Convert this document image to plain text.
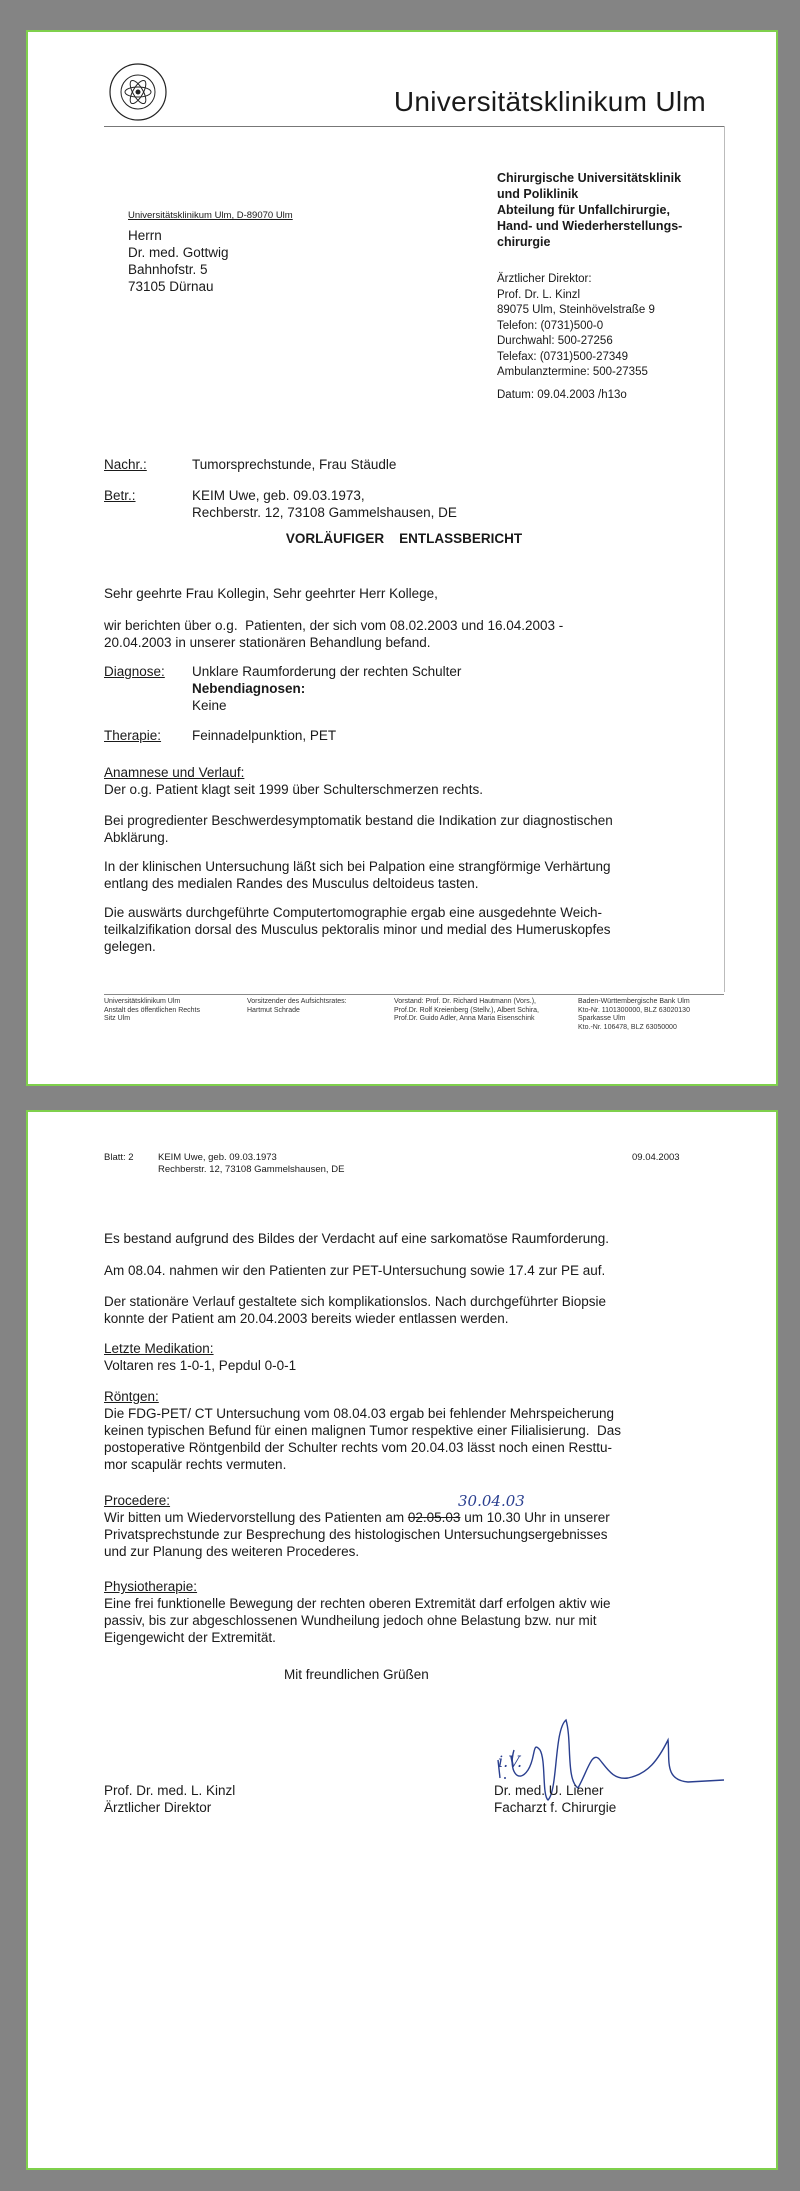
Universitätsklinikum Ulm
Universitätsklinikum Ulm, D-89070 Ulm
Herrn
Dr. med. Gottwig
Bahnhofstr. 5
73105 Dürnau
Chirurgische Universitätsklinik
und Poliklinik
Abteilung für Unfallchirurgie,
Hand- und Wiederherstellungs-
chirurgie
Ärztlicher Direktor:
Prof. Dr. L. Kinzl
89075 Ulm, Steinhövelstraße 9
Telefon: (0731)500-0
Durchwahl: 500-27256
Telefax: (0731)500-27349
Ambulanztermine: 500-27355
Datum: 09.04.2003 /h13o
Nachr.:	Tumorsprechstunde, Frau Stäudle
Betr.:	KEIM Uwe, geb. 09.03.1973,
Rechberstr. 12, 73108 Gammelshausen, DE
VORLÄUFIGER    ENTLASSBERICHT
Sehr geehrte Frau Kollegin, Sehr geehrter Herr Kollege,
wir berichten über o.g.  Patienten, der sich vom 08.02.2003 und 16.04.2003 -
20.04.2003 in unserer stationären Behandlung befand.
Diagnose: Unklare Raumforderung der rechten Schulter
Nebendiagnosen:
Keine
Therapie: Feinnadelpunktion, PET
Anamnese und Verlauf:
Der o.g. Patient klagt seit 1999 über Schulterschmerzen rechts.
Bei progredienter Beschwerdesymptomatik bestand die Indikation zur diagnostischen
Abklärung.
In der klinischen Untersuchung läßt sich bei Palpation eine strangförmige Verhärtung
entlang des medialen Randes des Musculus deltoideus tasten.
Die auswärts durchgeführte Computertomographie ergab eine ausgedehnte Weich-
teilkalzifikation dorsal des Musculus pektoralis minor und medial des Humeruskopfes
gelegen.
Universitätsklinikum Ulm
Anstalt des öffentlichen Rechts
Sitz Ulm
Vorsitzender des Aufsichtsrates:
Hartmut Schrade
Vorstand: Prof. Dr. Richard Hautmann (Vors.),
Prof.Dr. Rolf Kreienberg (Stellv.), Albert Schira,
Prof.Dr. Guido Adler, Anna Maria Eisenschink
Baden-Württembergische Bank Ulm
Kto-Nr. 1101300000, BLZ 63020130
Sparkasse Ulm
Kto.-Nr. 106478, BLZ 63050000
Blatt: 2	KEIM Uwe, geb. 09.03.1973
Rechberstr. 12, 73108 Gammelshausen, DE
09.04.2003
Es bestand aufgrund des Bildes der Verdacht auf eine sarkomatöse Raumforderung.
Am 08.04. nahmen wir den Patienten zur PET-Untersuchung sowie 17.4 zur PE auf.
Der stationäre Verlauf gestaltete sich komplikationslos. Nach durchgeführter Biopsie
konnte der Patient am 20.04.2003 bereits wieder entlassen werden.
Letzte Medikation:
Voltaren res 1-0-1, Pepdul 0-0-1
Röntgen:
Die FDG-PET/ CT Untersuchung vom 08.04.03 ergab bei fehlender Mehrspeicherung
keinen typischen Befund für einen malignen Tumor respektive einer Filialisierung.  Das
postoperative Röntgenbild der Schulter rechts vom 20.04.03 lässt noch einen Resttu-
mor scapulär rechts vermuten.
30.04.03
Procedere:
Wir bitten um Wiedervorstellung des Patienten am 02.05.03 um 10.30 Uhr in unserer
Privatsprechstunde zur Besprechung des histologischen Untersuchungsergebnisses
und zur Planung des weiteren Procederes.
Physiotherapie:
Eine frei funktionelle Bewegung der rechten oberen Extremität darf erfolgen aktiv wie
passiv, bis zur abgeschlossenen Wundheilung jedoch ohne Belastung bzw. nur mit
Eigengewicht der Extremität.
Mit freundlichen Grüßen
i.V.
Prof. Dr. med. L. Kinzl
Ärztlicher Direktor
Dr. med. U. Liener
Facharzt f. Chirurgie
